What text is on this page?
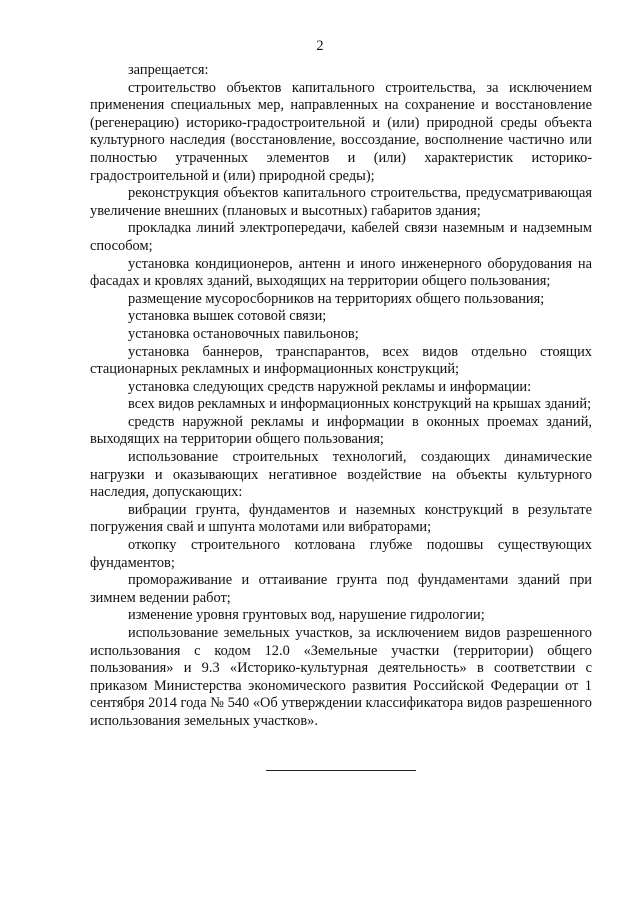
2

запрещается:

строительство объектов капитального строительства, за исключением применения специальных мер, направленных на сохранение и восстановление (регенерацию) историко-градостроительной и (или) природной среды объекта культурного наследия (восстановление, воссоздание, восполнение частично или полностью утраченных элементов и (или) характеристик историко-градостроительной и (или) природной среды);

реконструкция объектов капитального строительства, предусматривающая увеличение внешних (плановых и высотных) габаритов здания;

прокладка линий электропередачи, кабелей связи наземным и надземным способом;

установка кондиционеров, антенн и иного инженерного оборудования на фасадах и кровлях зданий, выходящих на территории общего пользования;

размещение мусоросборников на территориях общего пользования;

установка вышек сотовой связи;

установка остановочных павильонов;

установка баннеров, транспарантов, всех видов отдельно стоящих стационарных рекламных и информационных конструкций;

установка следующих средств наружной рекламы и информации:

всех видов рекламных и информационных конструкций на крышах зданий;

средств наружной рекламы и информации в оконных проемах зданий, выходящих на территории общего пользования;

использование строительных технологий, создающих динамические нагрузки и оказывающих негативное воздействие на объекты культурного наследия, допускающих:

вибрации грунта, фундаментов и наземных конструкций в результате погружения свай и шпунта молотами или вибраторами;

откопку строительного котлована глубже подошвы существующих фундаментов;

промораживание и оттаивание грунта под фундаментами зданий при зимнем ведении работ;

изменение уровня грунтовых вод, нарушение гидрологии;

использование земельных участков, за исключением видов разрешенного использования с кодом 12.0 «Земельные участки (территории) общего пользования» и 9.3 «Историко-культурная деятельность» в соответствии с приказом Министерства экономического развития Российской Федерации от 1 сентября 2014 года № 540 «Об утверждении классификатора видов разрешенного использования земельных участков».
